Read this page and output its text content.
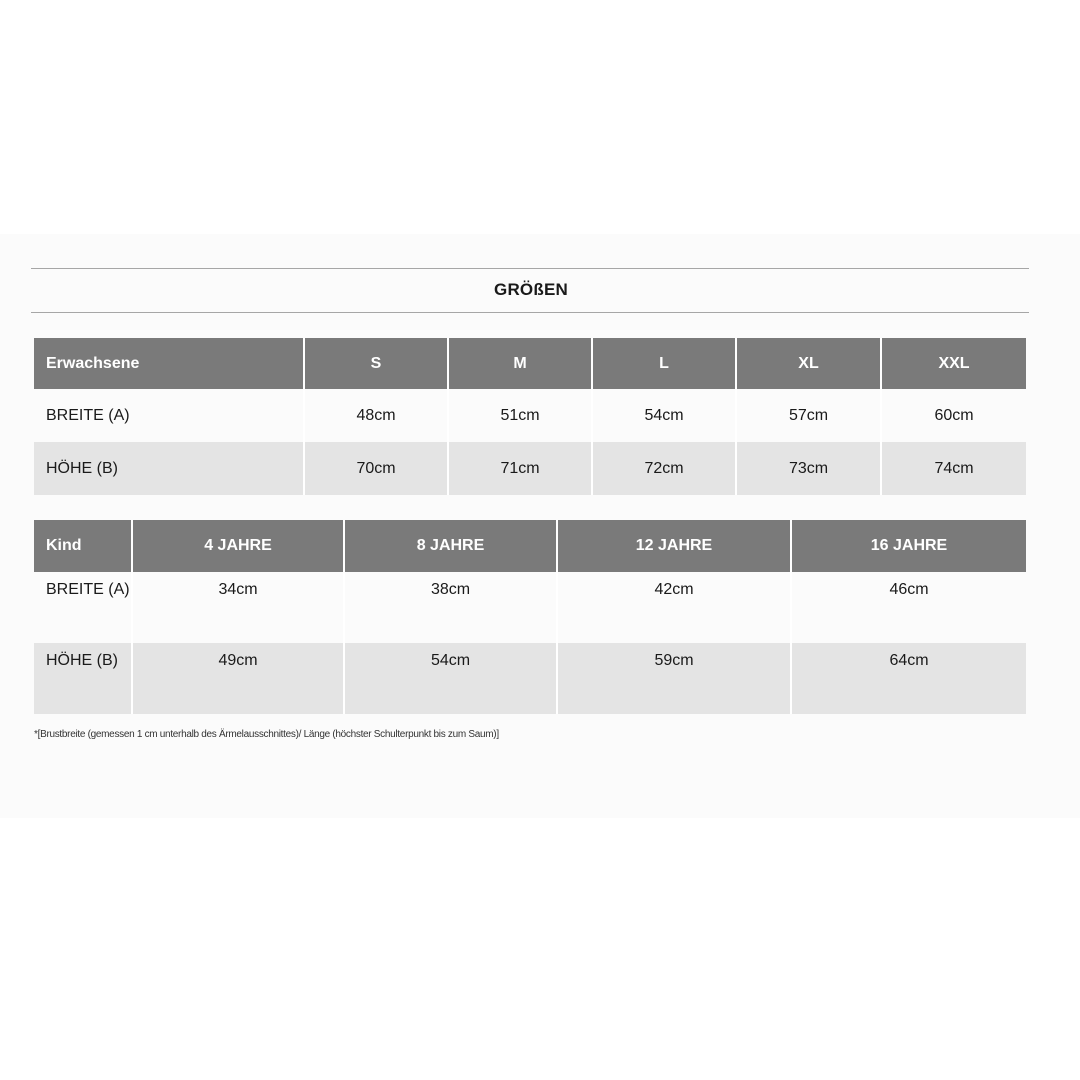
GRÖßEN
Erwachsene	S	M	L	XL	XXL
BREITE (A)	48cm	51cm	54cm	57cm	60cm
HÖHE (B)	70cm	71cm	72cm	73cm	74cm
Kind	4 JAHRE	8 JAHRE	12 JAHRE	16 JAHRE
BREITE (A)	34cm	38cm	42cm	46cm
HÖHE (B)	49cm	54cm	59cm	64cm
*[Brustbreite (gemessen 1 cm unterhalb des Ärmelausschnittes)/ Länge (höchster Schulterpunkt bis zum Saum)]
